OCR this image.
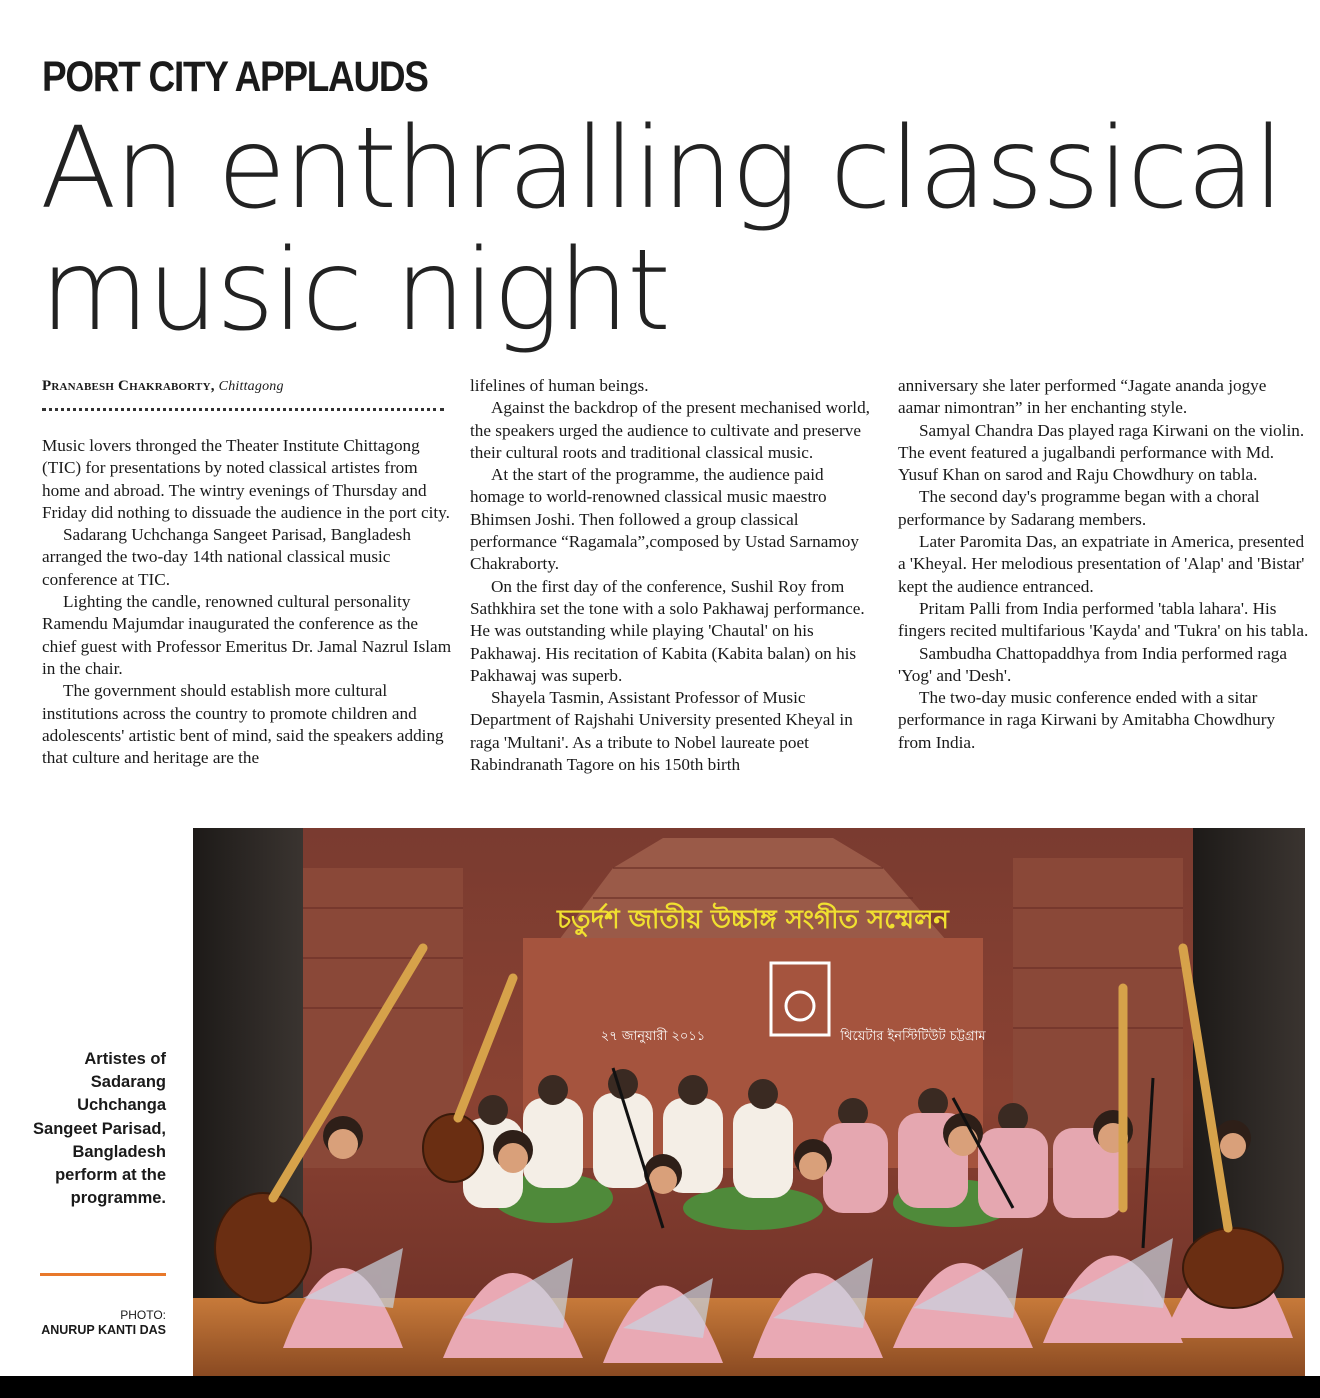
PORT CITY APPLAUDS
An enthralling classical
music night
Pranabesh Chakraborty, Chittagong

Music lovers thronged the Theater Institute Chittagong (TIC) for presentations by noted classical artistes from home and abroad. The wintry evenings of Thursday and Friday did nothing to dissuade the audience in the port city.

Sadarang Uchchanga Sangeet Parisad, Bangladesh arranged the two-day 14th national classical music conference at TIC.

Lighting the candle, renowned cultural personality Ramendu Majumdar inaugurated the conference as the chief guest with Professor Emeritus Dr. Jamal Nazrul Islam in the chair.

The government should establish more cultural institutions across the country to promote children and adolescents' artistic bent of mind, said the speakers adding that culture and heritage are the

lifelines of human beings.

Against the backdrop of the present mechanised world, the speakers urged the audience to cultivate and preserve their cultural roots and traditional classical music.

At the start of the programme, the audience paid homage to world-renowned classical music maestro Bhimsen Joshi. Then followed a group classical performance “Ragamala”,composed by Ustad Sarnamoy Chakraborty.

On the first day of the conference, Sushil Roy from Sathkhira set the tone with a solo Pakhawaj performance. He was outstanding while playing 'Chautal' on his Pakhawaj. His recitation of Kabita (Kabita balan) on his Pakhawaj was superb.

Shayela Tasmin, Assistant Professor of Music Department of Rajshahi University presented Kheyal in raga 'Multani'. As a tribute to Nobel laureate poet Rabindranath Tagore on his 150th birth

anniversary she later performed “Jagate ananda jogye aamar nimontran” in her enchanting style.

Samyal Chandra Das played raga Kirwani on the violin. The event featured a jugalbandi performance with Md. Yusuf Khan on sarod and Raju Chowdhury on tabla.

The second day's programme began with a choral performance by Sadarang members.

Later Paromita Das, an expatriate in America, presented a 'Kheyal. Her melodious presentation of 'Alap' and 'Bistar' kept the audience entranced.

Pritam Palli from India performed 'tabla lahara'. His fingers recited multifarious 'Kayda' and 'Tukra' on his tabla.

Sambudha Chattopaddhya from India performed raga 'Yog' and 'Desh'.

The two-day music conference ended with a sitar performance in raga Kirwani by Amitabha Chowdhury from India.

Artistes of Sadarang Uchchanga Sangeet Parisad, Bangladesh perform at the programme.
PHOTO:
ANURUP KANTI DAS
চতুর্দশ জাতীয় উচ্চাঙ্গ সংগীত সম্মেলন
২৭ জানুয়ারী ২০১১	থিয়েটার ইনস্টিটিউট চট্টগ্রাম
